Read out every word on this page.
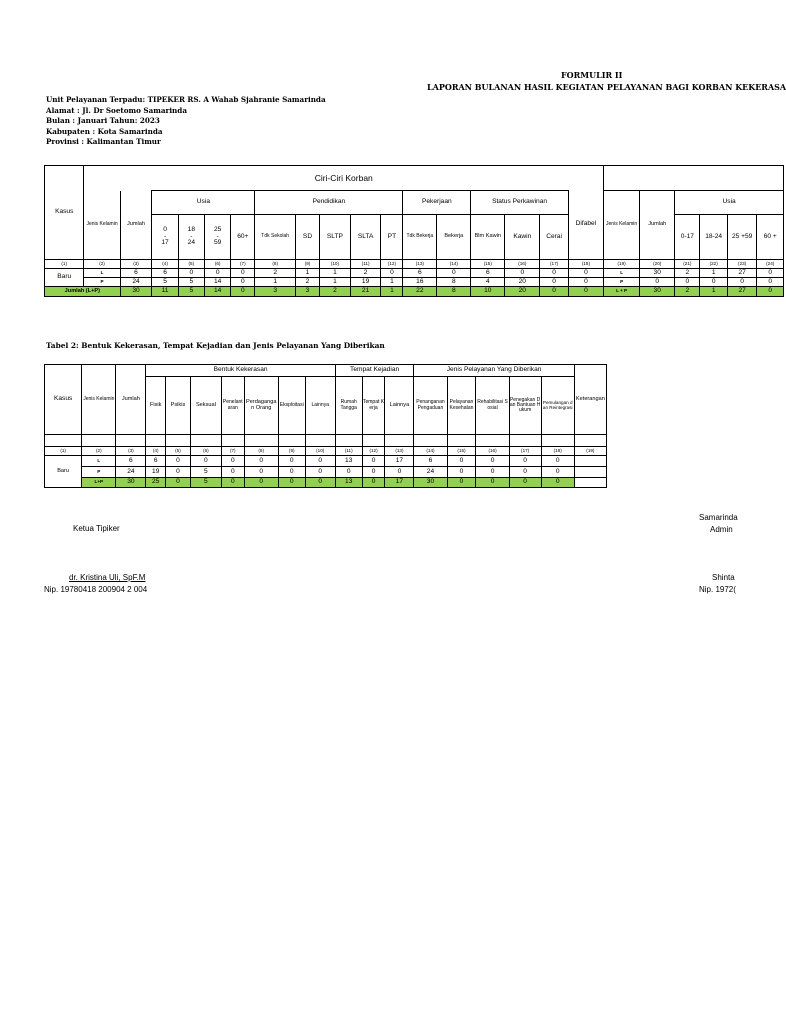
FORMULIR II
LAPORAN BULANAN HASIL KEGIATAN PELAYANAN BAGI KORBAN KEKERASA
Unit Pelayanan Terpadu: TIPEKER RS. A Wahab Sjahranie Samarinda
Alamat : Jl. Dr Soetomo Samarinda
Bulan : Januari Tahun: 2023
Kabupaten : Kota Samarinda
Provinsi : Kalimantan Timur
Kasus	Ciri-Ciri Korban																						
	Jenis Kelamin	Jumlah	Usia				Pendidikan					Pekerjaan		Status Perkawinan			Difabel	Jenis Kelamin	Jumlah	Usia			
			0
-
17	18
-
24	25
-
59	60+	Tdk Sekolah	SD	SLTP	SLTA	PT	Tdk Bekerja	Bekerja	Blm Kawin	Kawin	Cerai				0-17	18-24	25 +59	60 +
(1)	(2)	(3)	(4)	(5)	(6)	(7)	(8)	(9)	(10)	(11)	(12)	(13)	(14)	(15)	(16)	(17)	(18)	(19)	(20)	(21)	(22)	(23)	(24)
Baru	L	6	6	0	0	0	2	1	1	2	0	6	0	6	0	0	0	L	30	2	1	27	0
	P	24	5	5	14	0	1	2	1	19	1	16	8	4	20	0	0	P	0	0	0	0	0
Jumlah (L+P)		30	11	5	14	0	3	3	2	21	1	22	8	10	20	0	0	L + P	30	2	1	27	0
Tabel 2: Bentuk Kekerasan, Tempat Kejadian dan Jenis Pelayanan Yang Diberikan
Kasus	Jenis Kelamin	Jumlah	Bentuk Kekerasan							Tempat Kejadian			Jenis Pelayanan Yang Diberikan					Keterangan
			Fisik	Psikis	Seksual	Penelantaran	Perdagangan Orang	Eksploitasi	Lainnya	Rumah Tangga	Tempat Kerja	Lainnya	Penanganan Pengaduan	Pelayanan Kesehatan	Rehabilitasi Sosial	Penegakan Dan Bantuan Hukum	Pemulangan dan Reintegrasi	

(1)	(2)	(3)	(4)	(5)	(6)	(7)	(8)	(9)	(10)	(11)	(12)	(13)	(14)	(15)	(16)	(17)	(18)	(19)
Baru	L	6	6	0	0	0	0	0	0	13	0	17	6	0	0	0	0	
	P	24	19	0	5	0	0	0	0	0	0	0	24	0	0	0	0	
	L+P	30	25	0	5	0	0	0	0	13	0	17	30	0	0	0	0	
Ketua Tipiker
dr. Kristina Uli, SpF.M
Nip. 19780418 200904 2 004
Samarinda
Admin
Shinta
Nip. 1972(
